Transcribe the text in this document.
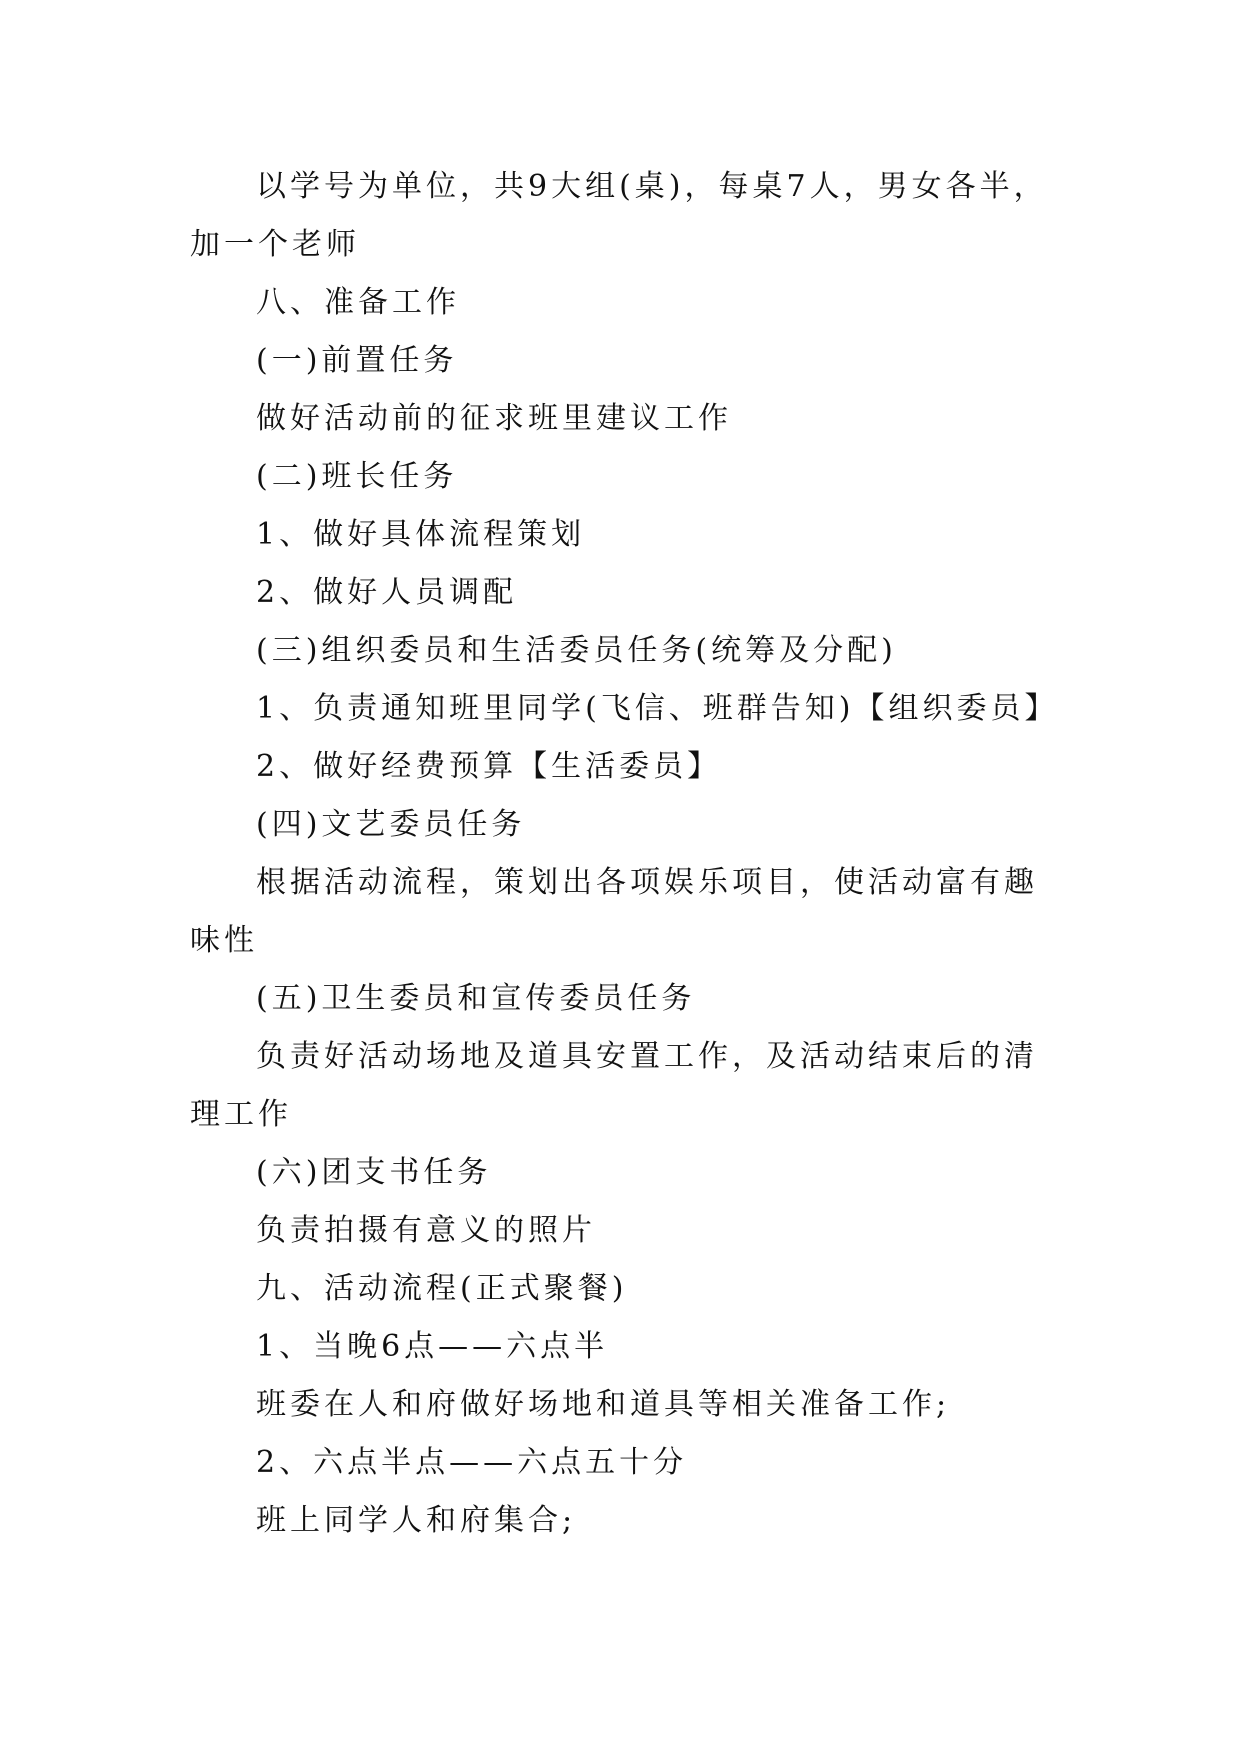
以学号为单位，共9大组(桌)，每桌7人，男女各半，加一个老师

八、准备工作

(一)前置任务

做好活动前的征求班里建议工作

(二)班长任务

1、做好具体流程策划

2、做好人员调配

(三)组织委员和生活委员任务(统筹及分配)

1、负责通知班里同学(飞信、班群告知)【组织委员】

2、做好经费预算【生活委员】

(四)文艺委员任务

根据活动流程，策划出各项娱乐项目，使活动富有趣味性

(五)卫生委员和宣传委员任务

负责好活动场地及道具安置工作，及活动结束后的清理工作

(六)团支书任务

负责拍摄有意义的照片

九、活动流程(正式聚餐)

1、当晚6点——六点半

班委在人和府做好场地和道具等相关准备工作;

2、六点半点——六点五十分

班上同学人和府集合;
